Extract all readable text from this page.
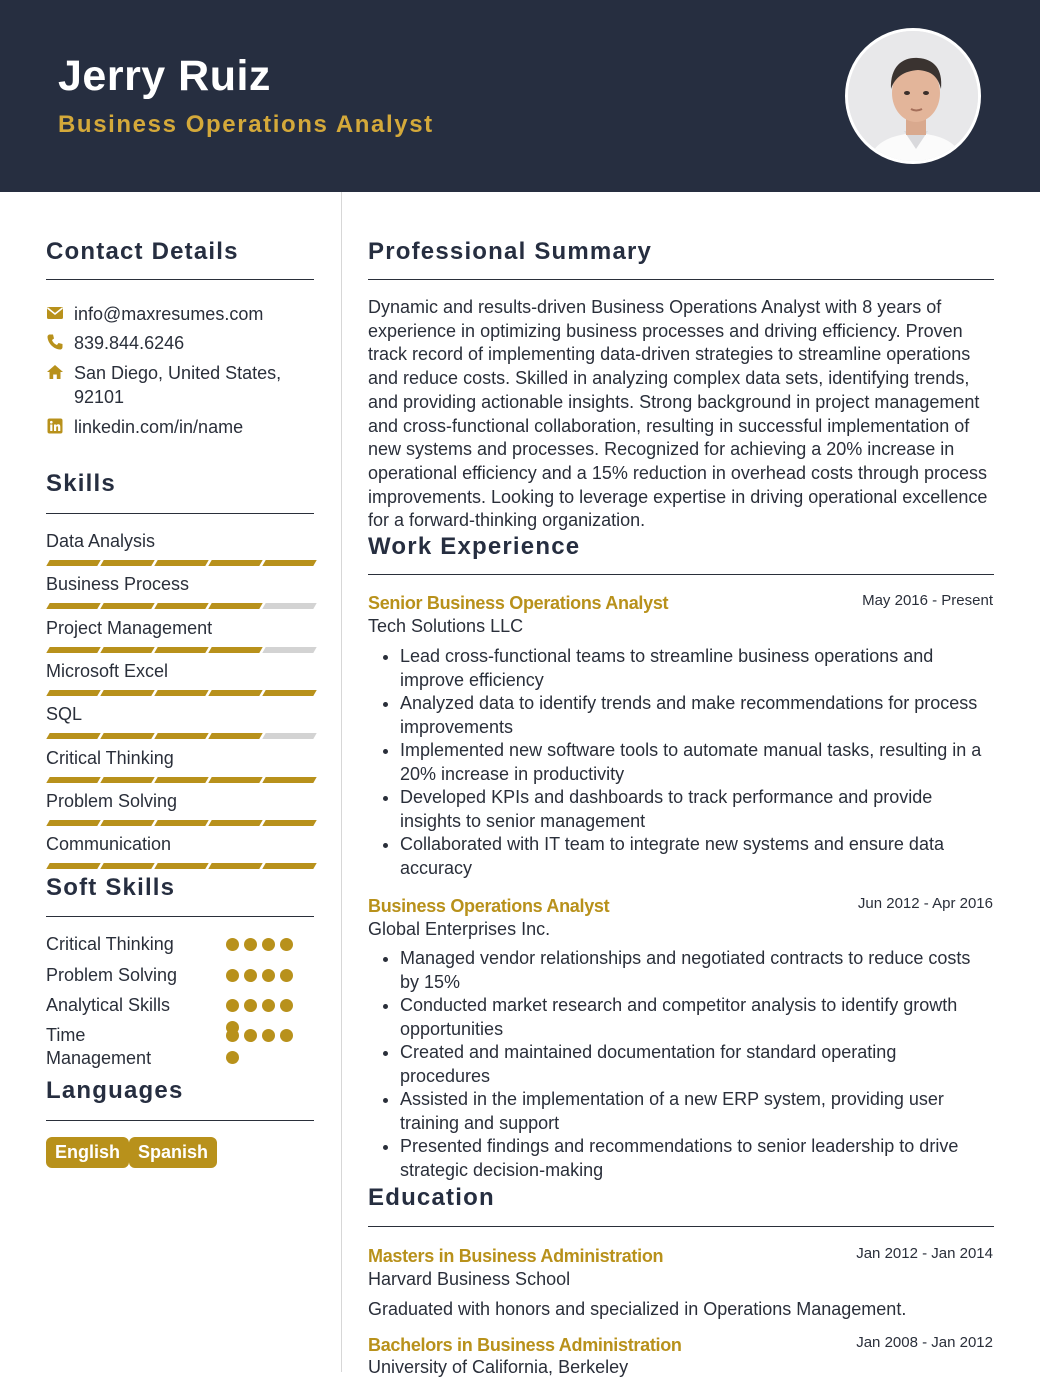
Jerry Ruiz
Business Operations Analyst
Contact Details
info@maxresumes.com
839.844.6246
San Diego, United States,
92101
linkedin.com/in/name
Skills
Data Analysis
Business Process
Project Management
Microsoft Excel
SQL
Critical Thinking
Problem Solving
Communication
Soft Skills
Critical Thinking
Problem Solving
Analytical Skills
Time
Management
Languages
English Spanish
Professional Summary
Dynamic and results-driven Business Operations Analyst with 8 years of
experience in optimizing business processes and driving efficiency. Proven
track record of implementing data-driven strategies to streamline operations
and reduce costs. Skilled in analyzing complex data sets, identifying trends,
and providing actionable insights. Strong background in project management
and cross-functional collaboration, resulting in successful implementation of
new systems and processes. Recognized for achieving a 20% increase in
operational efficiency and a 15% reduction in overhead costs through process
improvements. Looking to leverage expertise in driving operational excellence
for a forward-thinking organization.
Work Experience
Senior Business Operations Analyst	May 2016 - Present
Tech Solutions LLC
• Lead cross-functional teams to streamline business operations and
improve efficiency
• Analyzed data to identify trends and make recommendations for process
improvements
• Implemented new software tools to automate manual tasks, resulting in a
20% increase in productivity
• Developed KPIs and dashboards to track performance and provide
insights to senior management
• Collaborated with IT team to integrate new systems and ensure data
accuracy
Business Operations Analyst	Jun 2012 - Apr 2016
Global Enterprises Inc.
• Managed vendor relationships and negotiated contracts to reduce costs
by 15%
• Conducted market research and competitor analysis to identify growth
opportunities
• Created and maintained documentation for standard operating
procedures
• Assisted in the implementation of a new ERP system, providing user
training and support
• Presented findings and recommendations to senior leadership to drive
strategic decision-making
Education
Masters in Business Administration	Jan 2012 - Jan 2014
Harvard Business School
Graduated with honors and specialized in Operations Management.
Bachelors in Business Administration	Jan 2008 - Jan 2012
University of California, Berkeley
